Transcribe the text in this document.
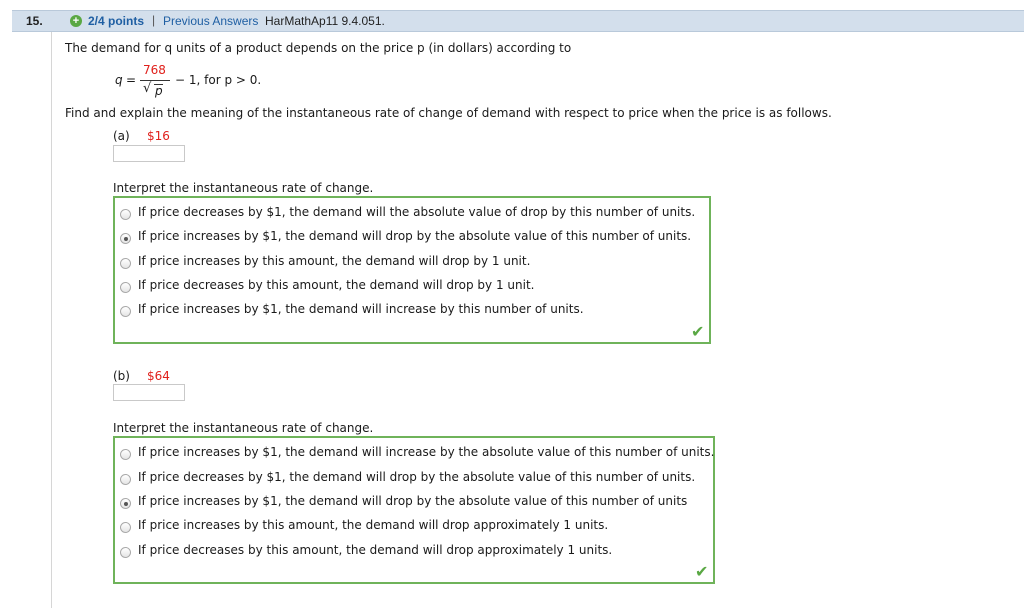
15.	+ 2/4 points | Previous Answers HarMathAp11 9.4.051.
The demand for q units of a product depends on the price p (in dollars) according to
q =
768
√ p
− 1, for p > 0.
Find and explain the meaning of the instantaneous rate of change of demand with respect to price when the price is as follows.
(a) $16
Interpret the instantaneous rate of change.
If price decreases by $1, the demand will the absolute value of drop by this number of units.
If price increases by $1, the demand will drop by the absolute value of this number of units.
If price increases by this amount, the demand will drop by 1 unit.
If price decreases by this amount, the demand will drop by 1 unit.
If price increases by $1, the demand will increase by this number of units.
✔
(b) $64
Interpret the instantaneous rate of change.
If price increases by $1, the demand will increase by the absolute value of this number of units.
If price decreases by $1, the demand will drop by the absolute value of this number of units.
If price increases by $1, the demand will drop by the absolute value of this number of units
If price increases by this amount, the demand will drop approximately 1 units.
If price decreases by this amount, the demand will drop approximately 1 units.
✔
